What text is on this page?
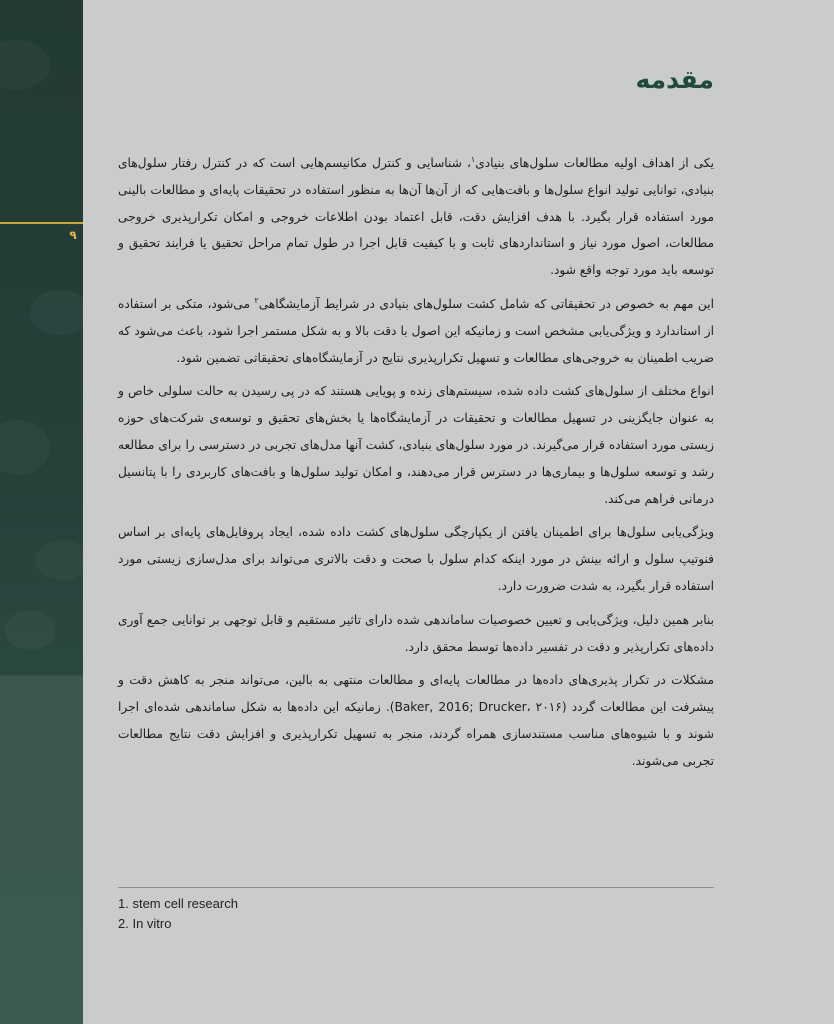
۹
مقدمه

یکی از اهداف اولیه مطالعات سلول‌های بنیادی$^۱$، شناسایی و کنترل مکانیسم‌هایی است که در کنترل رفتار سلول‌های بنیادی، توانایی تولید انواع سلول‌ها و بافت‌هایی که از آن‌ها آن‌ها به منظور استفاده در تحقیقات پایه‌ای و مطالعات بالینی مورد استفاده قرار بگیرد. با هدف افزایش دقت، قابل اعتماد بودن اطلاعات خروجی و امکان تکرارپذیری خروجی مطالعات، اصول مورد نیاز و استانداردهای ثابت و با کیفیت قابل اجرا در طول تمام مراحل تحقیق یا فرایند تحقیق و توسعه باید مورد توجه واقع شود.

این مهم به خصوص در تحقیقاتی که شامل کشت سلول‌های بنیادی در شرایط آزمایشگاهی$^۲$ می‌شود، متکی بر استفاده از استاندارد و ویژگی‌یابی مشخص است و زمانیکه این اصول با دقت بالا و به شکل مستمر اجرا شود، باعث می‌شود که ضریب اطمینان به خروجی‌های مطالعات و تسهیل تکرارپذیری نتایج در آزمایشگاه‌های تحقیقاتی تضمین شود.

انواع مختلف از سلول‌های کشت داده شده، سیستم‌های زنده و پویایی هستند که در پی رسیدن به حالت سلولی خاص و به عنوان جایگزینی در تسهیل مطالعات و تحقیقات در آزمایشگاه‌ها یا بخش‌های تحقیق و توسعه‌ی شرکت‌های حوزه زیستی مورد استفاده قرار می‌گیرند. در مورد سلول‌های بنیادی، کشت آنها مدل‌های تجربی در دسترسی را برای مطالعه رشد و توسعه سلول‌ها و بیماری‌ها در دسترس قرار می‌دهند، و امکان تولید سلول‌ها و بافت‌های کاربردی را با پتانسیل درمانی فراهم می‌کند.

ویژگی‌یابی سلول‌ها برای اطمینان یافتن از یکپارچگی سلول‌های کشت داده شده، ایجاد پروفایل‌های پایه‌ای بر اساس فنوتیپ سلول و ارائه بینش در مورد اینکه کدام سلول با صحت و دقت بالاتری می‌تواند برای مدل‌سازی زیستی مورد استفاده قرار بگیرد، به شدت ضرورت دارد.

بنابر همین دلیل، ویژگی‌یابی و تعیین خصوصیات ساماندهی شده دارای تاثیر مستقیم و قابل توجهی بر توانایی جمع آوری داده‌های تکرارپذیر و دقت در تفسیر داده‌ها توسط محقق دارد.

مشکلات در تکرار پذیری‌های داده‌ها در مطالعات پایه‌ای و مطالعات منتهی به بالین، می‌تواند منجر به کاهش دقت و پیشرفت این مطالعات گردد (Baker, 2016; Drucker، ۲۰۱۶). زمانیکه این داده‌ها به شکل ساماندهی شده‌ای اجرا شوند و با شیوه‌های مناسب مستندسازی همراه گردند، منجر به تسهیل تکرارپذیری و افزایش دقت نتایج مطالعات تجربی می‌شوند.

1. stem cell research
2. In vitro
